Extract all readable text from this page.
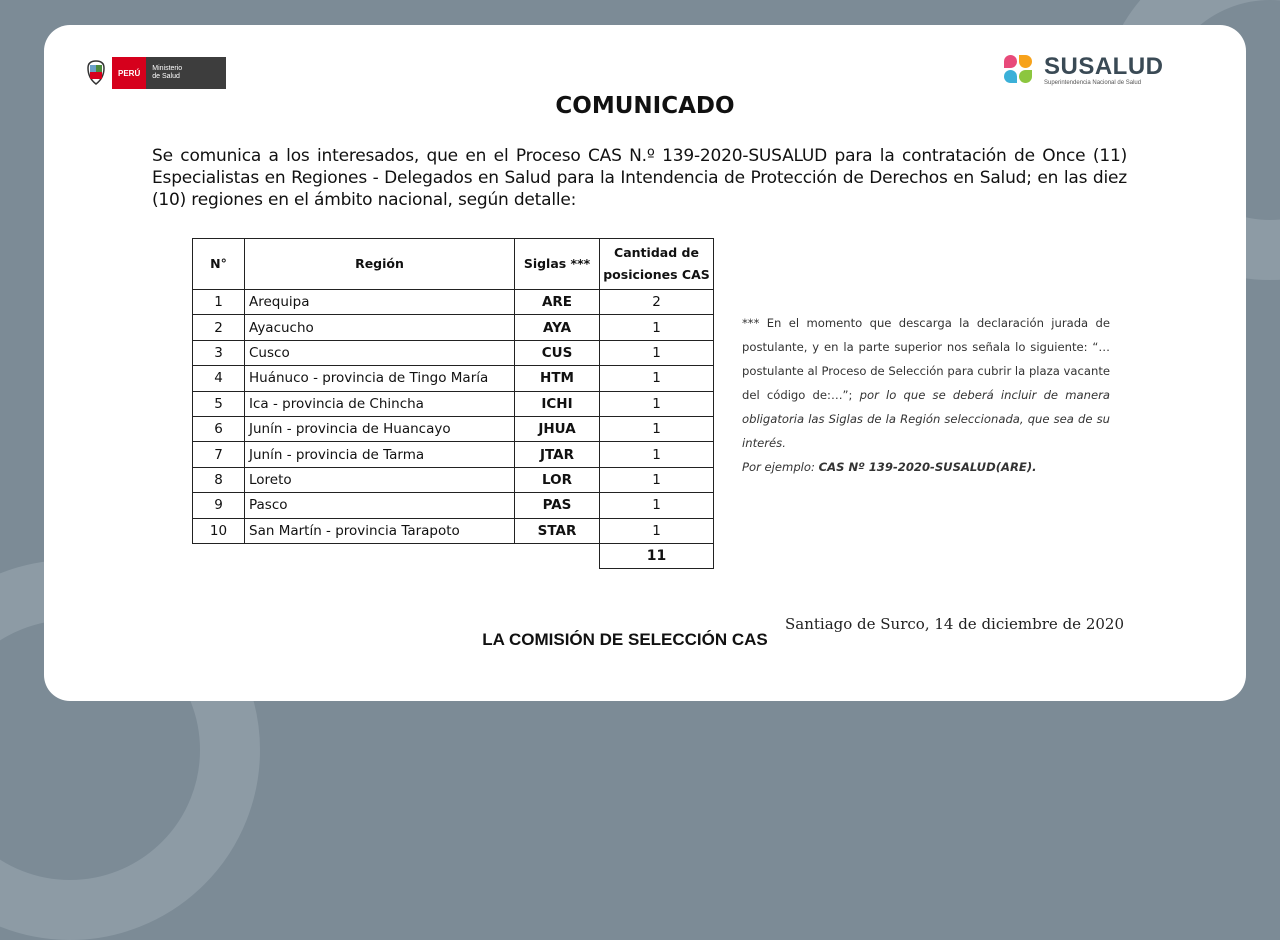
PERÚ	Ministerio
de Salud	SUSALUD
Superintendencia Nacional de Salud
COMUNICADO
Se comunica a los interesados, que en el Proceso CAS N.º 139-2020-SUSALUD para la contratación de Once (11) Especialistas en Regiones - Delegados en Salud para la Intendencia de Protección de Derechos en Salud; en las diez (10) regiones en el ámbito nacional, según detalle:
N°	Región	Siglas ***	Cantidad de
posiciones CAS

1	Arequipa	ARE	2
2	Ayacucho	AYA	1
3	Cusco	CUS	1
4	Huánuco - provincia de Tingo María	HTM	1
5	Ica - provincia de Chincha	ICHI	1
6	Junín - provincia de Huancayo	JHUA	1
7	Junín - provincia de Tarma	JTAR	1
8	Loreto	LOR	1
9	Pasco	PAS	1
10	San Martín - provincia Tarapoto	STAR	1
			11
*** En el momento que descarga la declaración jurada de postulante, y en la parte superior nos señala lo siguiente: “…postulante al Proceso de Selección para cubrir la plaza vacante del código de:…”; por lo que se deberá incluir de manera obligatoria las Siglas de la Región seleccionada, que sea de su interés.
Por ejemplo: CAS Nº 139-2020-SUSALUD(ARE).
Santiago de Surco, 14 de diciembre de 2020
LA COMISIÓN DE SELECCIÓN CAS
